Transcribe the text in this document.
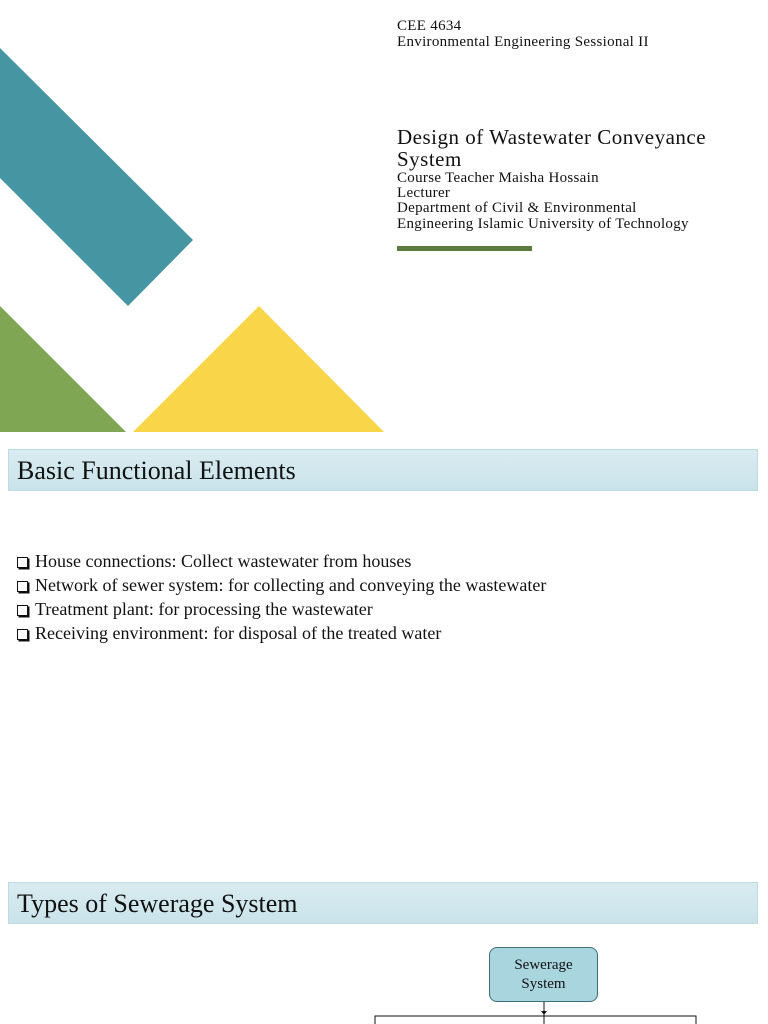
CEE 4634

Environmental Engineering Sessional II

Design of Wastewater Conveyance System

Course Teacher Maisha Hossain

Lecturer

Department of Civil & Environmental

Engineering Islamic University of Technology

Basic Functional Elements
House connections: Collect wastewater from houses
Network of sewer system: for collecting and conveying the wastewater
Treatment plant: for processing the wastewater
Receiving environment: for disposal of the treated water
Types of Sewerage System
Sewerage System
